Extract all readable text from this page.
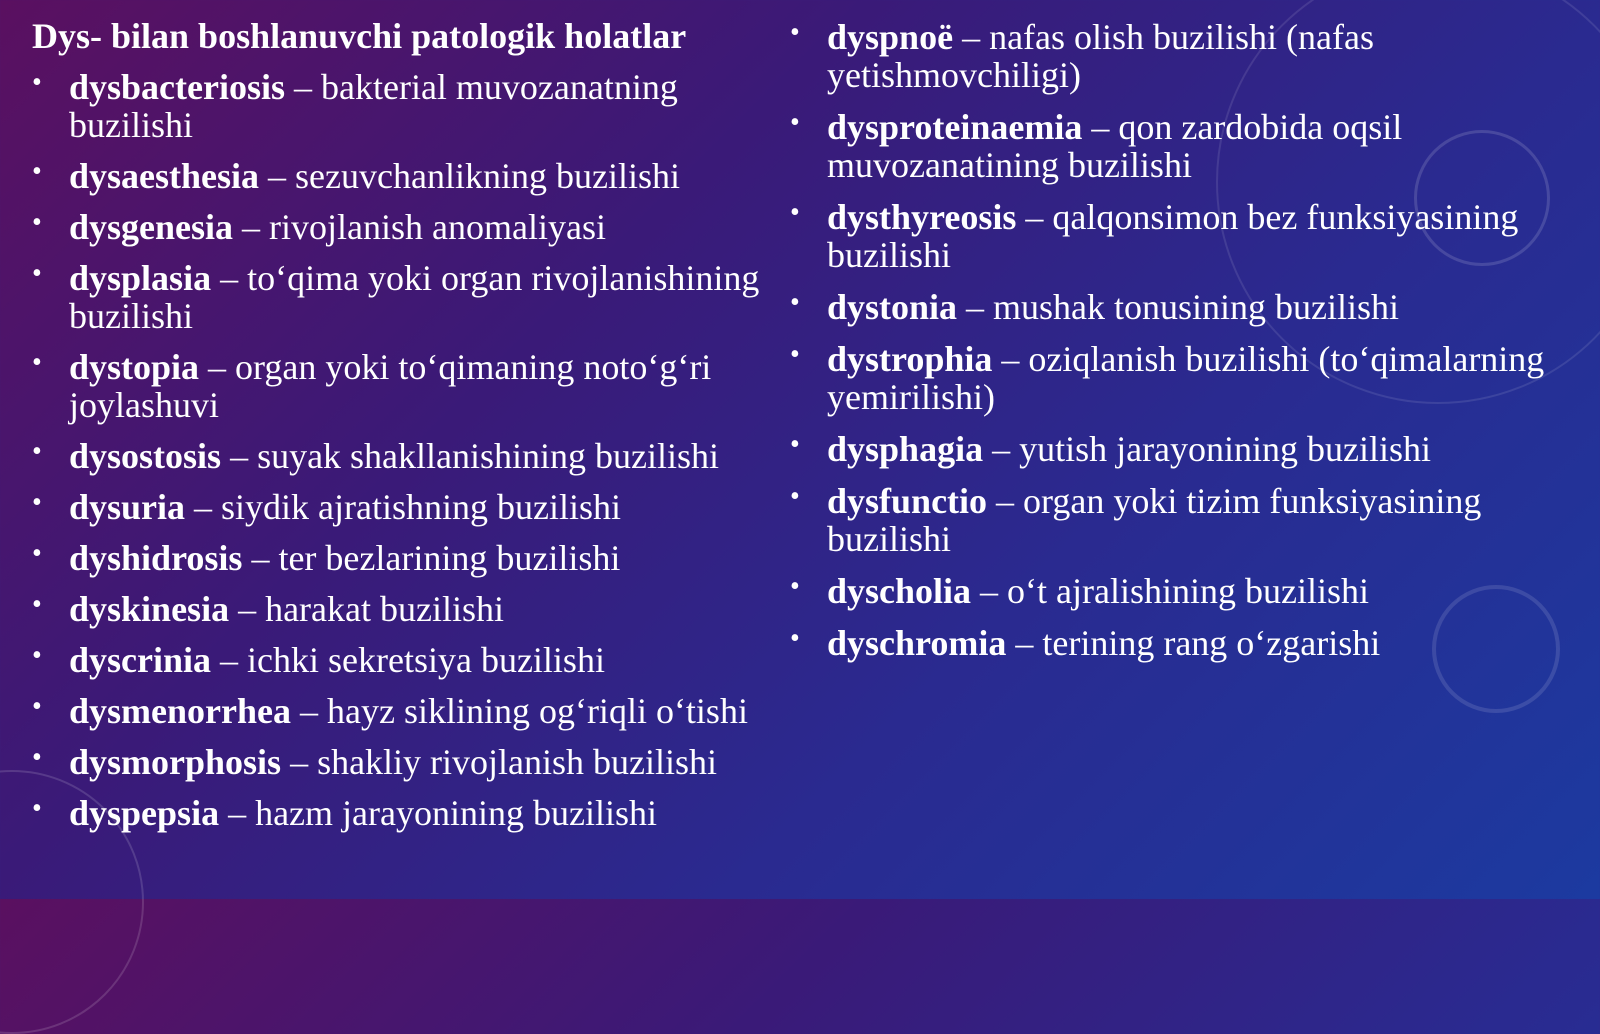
Dys- bilan boshlanuvchi patologik holatlar
• dysbacteriosis – bakterial muvozanatning buzilishi
• dysaesthesia – sezuvchanlikning buzilishi
• dysgenesia – rivojlanish anomaliyasi
• dysplasia – to‘qima yoki organ rivojlanishining buzilishi
• dystopia – organ yoki to‘qimaning noto‘g‘ri joylashuvi
• dysostosis – suyak shakllanishining buzilishi
• dysuria – siydik ajratishning buzilishi
• dyshidrosis – ter bezlarining buzilishi
• dyskinesia – harakat buzilishi
• dyscrinia – ichki sekretsiya buzilishi
• dysmenorrhea – hayz siklining og‘riqli o‘tishi
• dysmorphosis – shakliy rivojlanish buzilishi
• dyspepsia – hazm jarayonining buzilishi
• dyspnoë – nafas olish buzilishi (nafas yetishmovchiligi)
• dysproteinaemia – qon zardobida oqsil muvozanatining buzilishi
• dysthyreosis – qalqonsimon bez funksiyasining buzilishi
• dystonia – mushak tonusining buzilishi
• dystrophia – oziqlanish buzilishi (to‘qimalarning yemirilishi)
• dysphagia – yutish jarayonining buzilishi
• dysfunctio – organ yoki tizim funksiyasining buzilishi
• dyscholia – o‘t ajralishining buzilishi
• dyschromia – terining rang o‘zgarishi
